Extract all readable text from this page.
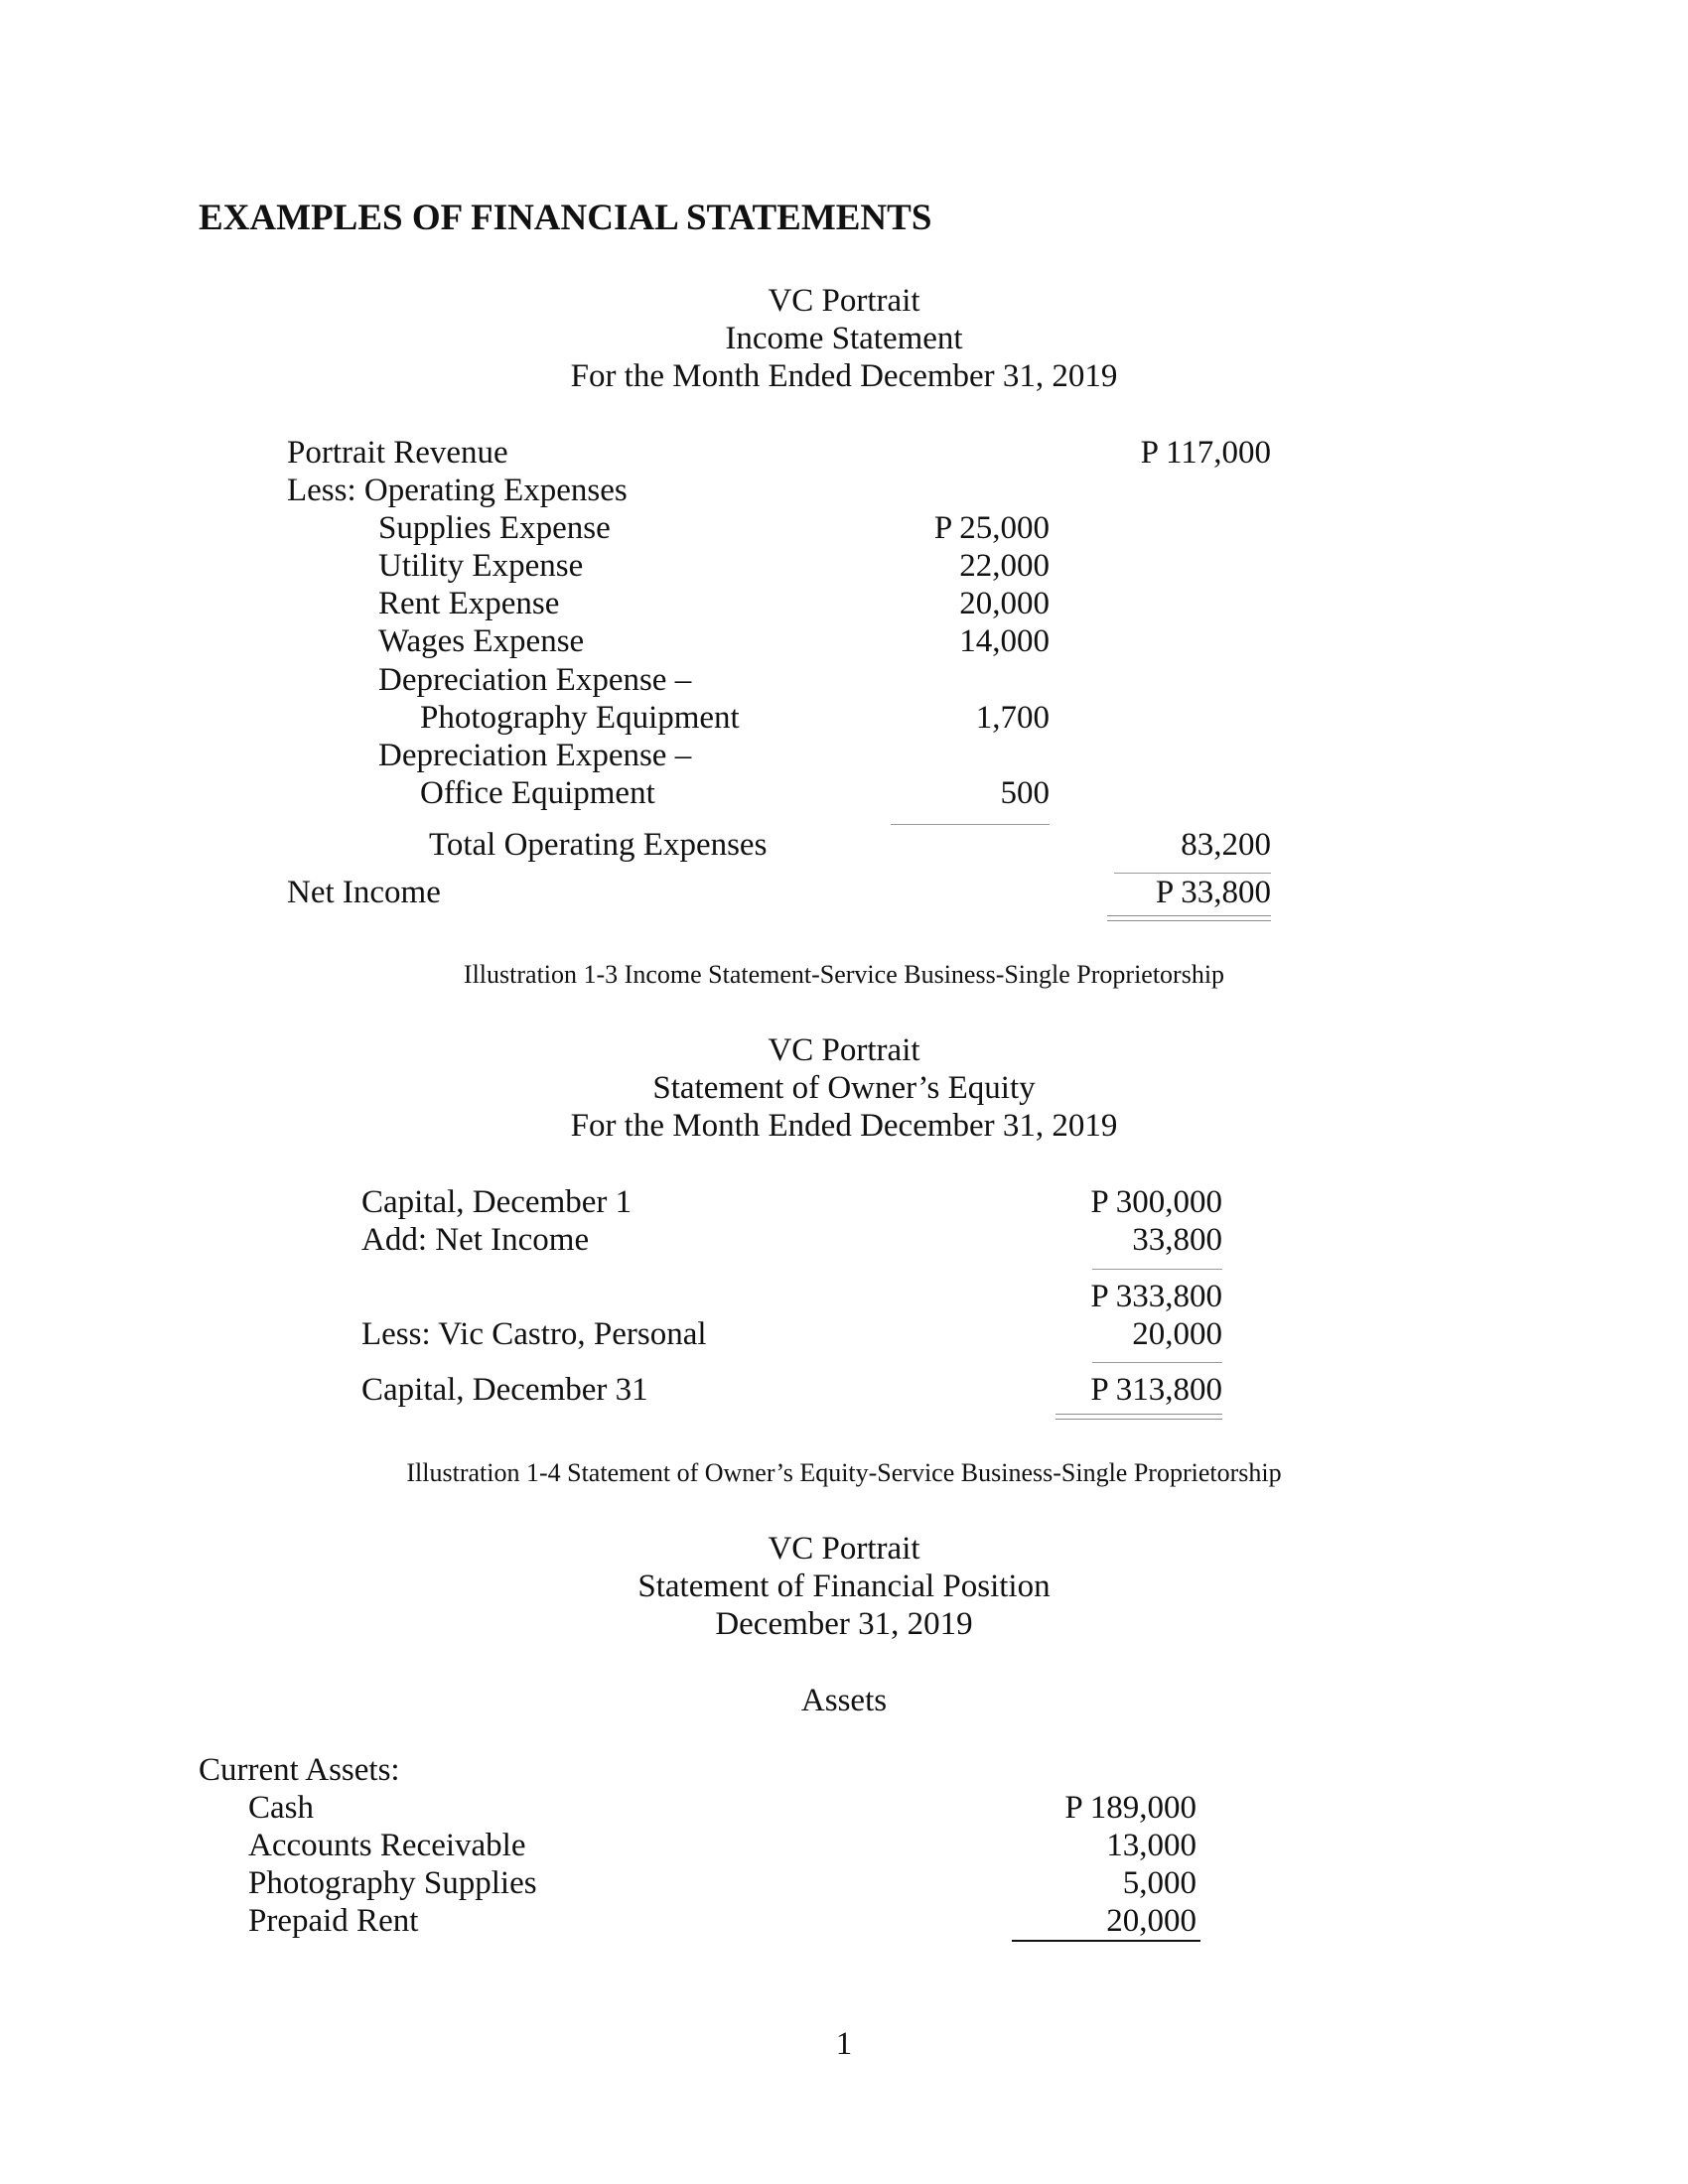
EXAMPLES OF FINANCIAL STATEMENTS
VC Portrait
Income Statement
For the Month Ended December 31, 2019
Portrait Revenue	P 117,000
Less: Operating Expenses
Supplies Expense	P 25,000
Utility Expense	22,000
Rent Expense	20,000
Wages Expense	14,000
Depreciation Expense –
Photography Equipment	1,700
Depreciation Expense –
Office Equipment	500
Total Operating Expenses	83,200
Net Income	P 33,800
Illustration 1-3 Income Statement-Service Business-Single Proprietorship
VC Portrait
Statement of Owner’s Equity
For the Month Ended December 31, 2019
Capital, December 1	P 300,000
Add: Net Income	33,800
P 333,800
Less: Vic Castro, Personal	20,000
Capital, December 31	P 313,800
Illustration 1-4 Statement of Owner’s Equity-Service Business-Single Proprietorship
VC Portrait
Statement of Financial Position
December 31, 2019
Assets
Current Assets:
Cash	P 189,000
Accounts Receivable	13,000
Photography Supplies	5,000
Prepaid Rent	20,000
1
